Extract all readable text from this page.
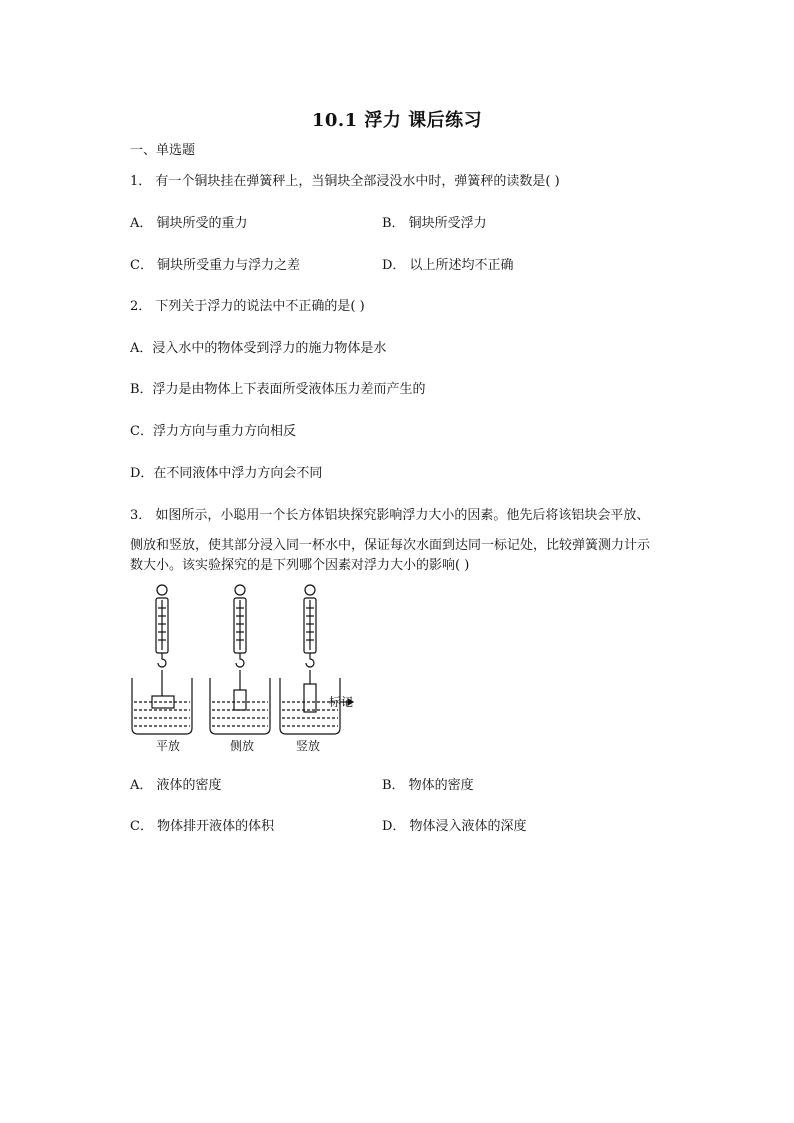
10.1 浮力 课后练习
一、单选题
1． 有一个铜块挂在弹簧秤上，当铜块全部浸没水中时，弹簧秤的读数是( )
A． 铜块所受的重力	B． 铜块所受浮力
C． 铜块所受重力与浮力之差	D． 以上所述均不正确
2． 下列关于浮力的说法中不正确的是( )
A．浸入水中的物体受到浮力的施力物体是水
B．浮力是由物体上下表面所受液体压力差而产生的
C．浮力方向与重力方向相反
D．在不同液体中浮力方向会不同
3． 如图所示，小聪用一个长方体铝块探究影响浮力大小的因素。他先后将该铝块会平放、
侧放和竖放，使其部分浸入同一杯水中，保证每次水面到达同一标记处，比较弹簧测力计示
数大小。该实验探究的是下列哪个因素对浮力大小的影响( )
标记
平放	侧放	竖放
A． 液体的密度	B． 物体的密度
C． 物体排开液体的体积	D． 物体浸入液体的深度
